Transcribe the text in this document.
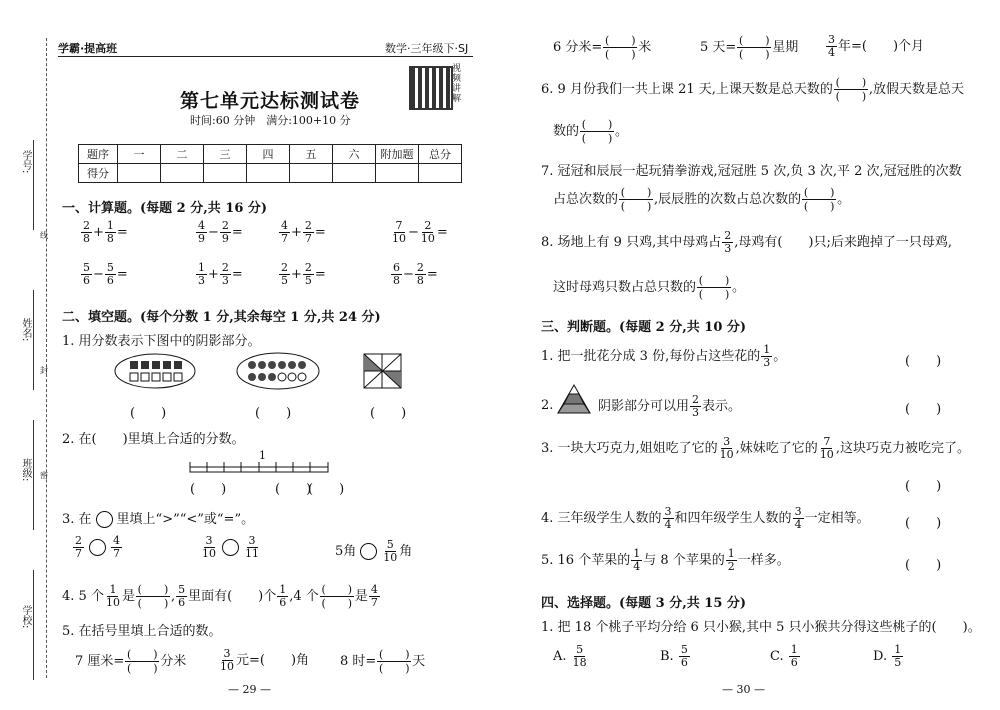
学号:
姓名:
班级:
学校:
线
封
密
学霸·提高班	数学·三年级下·SJ
视频讲解
第七单元达标测试卷
时间:60 分钟　满分:100+10 分
题序	一	二	三	四	五	六	附加题	总分
得分								
一、计算题。(每题 2 分,共 16 分)
$\frac{2}{8} + \frac{1}{8}$ =	$\frac{4}{9} - \frac{2}{9}$ =	$\frac{4}{7} + \frac{2}{7}$ =	$\frac{7}{10} - \frac{2}{10}$ =
$\frac{5}{6} - \frac{5}{6}$ =	$\frac{1}{3} + \frac{2}{3}$ =	$\frac{2}{5} + \frac{2}{5}$ =	$\frac{6}{8} - \frac{2}{8}$ =
二、填空题。(每个分数 1 分,其余每空 1 分,共 24 分)
1. 用分数表示下图中的阴影部分。
(　　)	(　　)	(　　)
2. 在(　　)里填上合适的分数。
1
(　　)	(　　)
(　　)
3. 在 里填上“>”“<”或“=”。
$\frac{2}{7} \frac{4}{7}$	$\frac{3}{10} \frac{3}{11}$	5角 $\frac{5}{10}$ 角
4. 5 个 $\frac{1}{10}$ 是 (　　)
(　　) , $\frac{5}{6}$ 里面有(　　)个 $\frac{1}{6} ,4$ 个 (　　)
(　　) 是 $\frac{4}{7}$
5. 在括号里填上合适的数。
7 厘米= (　　)
(　　) 分米	$\frac{3}{10}$ 元=(　　)角 8 时= (　　)
(　　) 天
— 29 —
6 分米= (　　)
(　　) 米	5 天= (　　)
(　　) 星期	$\frac{3}{4}$ 年=(　　)个月
6. 9 月份我们一共上课 21 天,上课天数是总天数的 (　　)
(　　) ,放假天数是总天
数的 (　　)
(　　) 。
7. 冠冠和辰辰一起玩猜拳游戏,冠冠胜 5 次,负 3 次,平 2 次,冠冠胜的次数
占总次数的 (　　)
(　　) ,辰辰胜的次数占总次数的 (　　)
(　　) 。
8. 场地上有 9 只鸡,其中母鸡占 $\frac{2}{3}$ ,母鸡有(　　)只;后来跑掉了一只母鸡,
这时母鸡只数占总只数的 (　　)
(　　) 。
三、判断题。(每题 2 分,共 10 分)
1. 把一批花分成 3 份,每份占这些花的 $\frac{1}{3}$ 。	(　　)
2.	阴影部分可以用 $\frac{2}{3}$ 表示。	(　　)
3. 一块大巧克力,姐姐吃了它的 $\frac{3}{10}$ ,妹妹吃了它的 $\frac{7}{10}$ ,这块巧克力被吃完了。
(　　)
4. 三年级学生人数的 $\frac{3}{4}$ 和四年级学生人数的 $\frac{3}{4}$ 一定相等。	(　　)
5. 16 个苹果的 $\frac{1}{4}$ 与 8 个苹果的 $\frac{1}{2}$ 一样多。	(　　)
四、选择题。(每题 3 分,共 15 分)
1. 把 18 个桃子平均分给 6 只小猴,其中 5 只小猴共分得这些桃子的(　　)。
A. $\frac{5}{18}$	B. $\frac{5}{6}$	C. $\frac{1}{6}$	D. $\frac{1}{5}$
— 30 —
